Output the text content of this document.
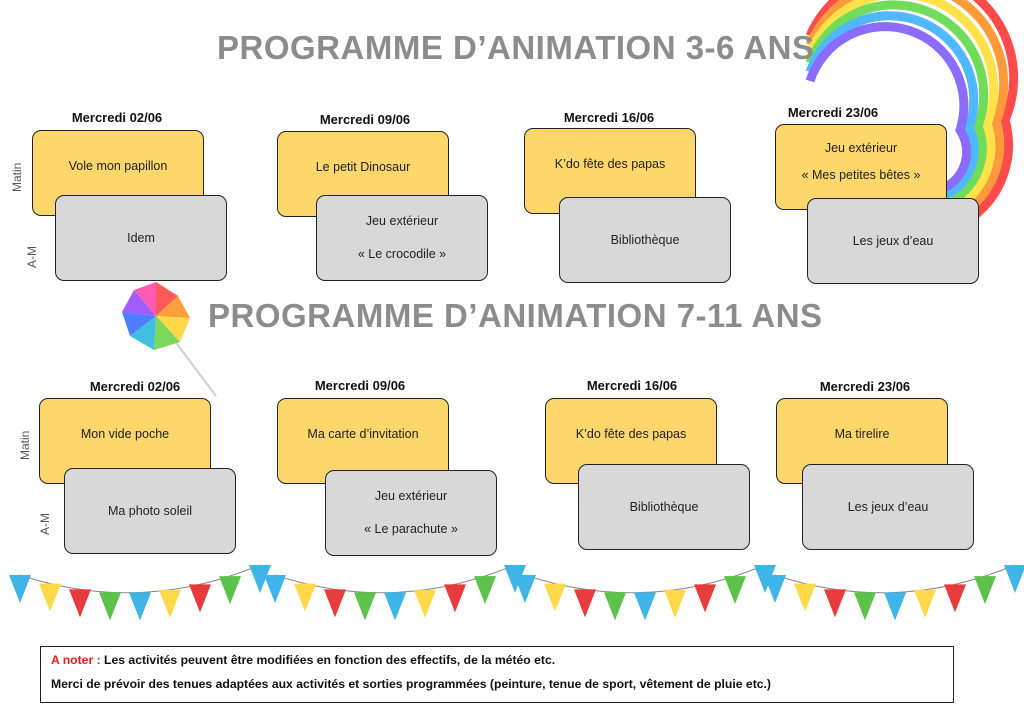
PROGRAMME D’ANIMATION 3-6 ANS
PROGRAMME D’ANIMATION 7-11 ANS
Matin
A-M
Matin
A-M
Mercredi 02/06
Vole mon papillon
Idem
Mercredi 09/06
Le petit Dinosaur
Jeu extérieur
« Le crocodile »
Mercredi 16/06
K’do fête des papas
Bibliothèque
Mercredi 23/06
Jeu extérieur
« Mes petites bêtes »
Les jeux d’eau
Mercredi 02/06
Mon vide poche
Ma photo soleil
Mercredi 09/06
Ma carte d’invitation
Jeu extérieur
« Le parachute »
Mercredi 16/06
K’do fête des papas
Bibliothèque
Mercredi 23/06
Ma tirelire
Les jeux d’eau

A noter : Les activités peuvent être modifiées en fonction des effectifs, de la météo etc.

Merci de prévoir des tenues adaptées aux activités et sorties programmées (peinture, tenue de sport, vêtement de pluie etc.)
